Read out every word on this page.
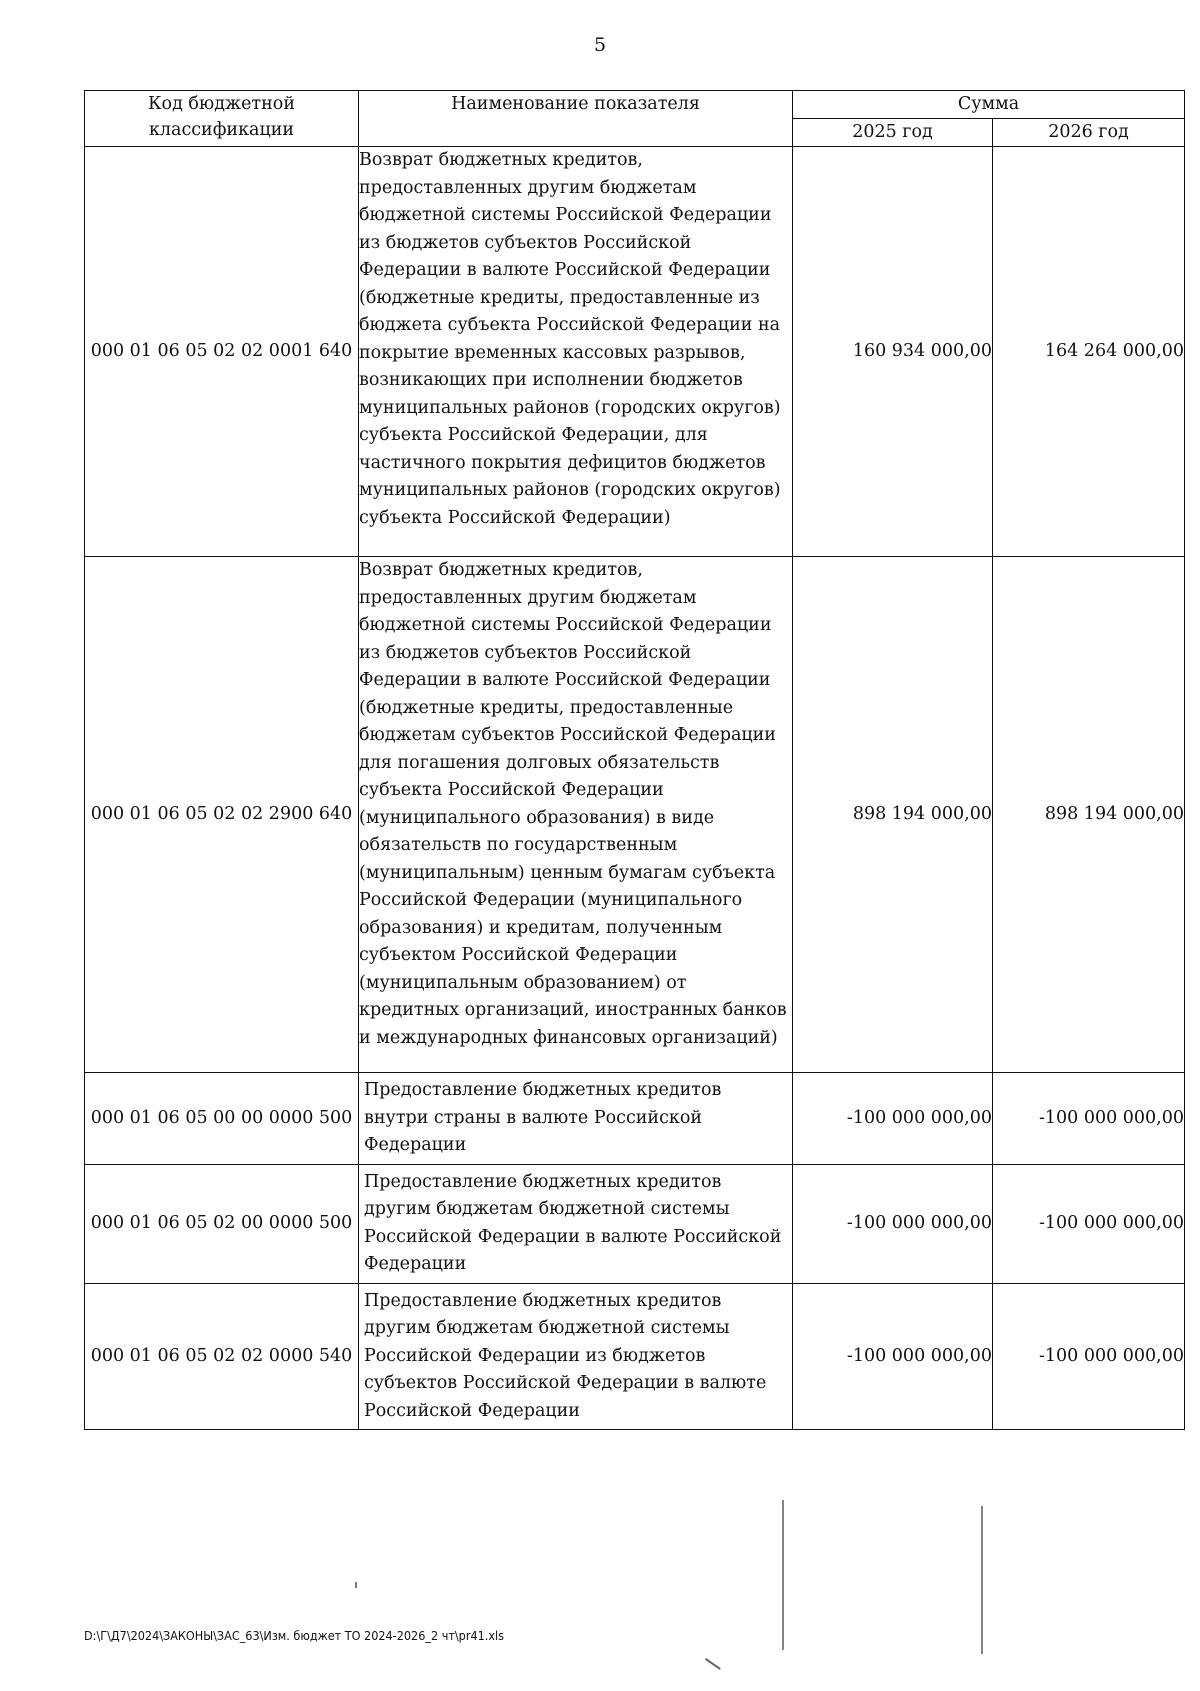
5
Код бюджетной классификации	Наименование показателя	Сумма	
		2025 год	2026 год
000 01 06 05 02 02 0001 640	Возврат бюджетных кредитов, предоставленных другим бюджетам бюджетной системы Российской Федерации из бюджетов субъектов Российской Федерации в валюте Российской Федерации (бюджетные кредиты, предоставленные из бюджета субъекта Российской Федерации на покрытие временных кассовых разрывов, возникающих при исполнении бюджетов муниципальных районов (городских округов) субъекта Российской Федерации, для частичного покрытия дефицитов бюджетов муниципальных районов (городских округов) субъекта Российской Федерации)	160 934 000,00	164 264 000,00
000 01 06 05 02 02 2900 640	Возврат бюджетных кредитов, предоставленных другим бюджетам бюджетной системы Российской Федерации из бюджетов субъектов Российской Федерации в валюте Российской Федерации (бюджетные кредиты, предоставленные бюджетам субъектов Российской Федерации для погашения долговых обязательств субъекта Российской Федерации (муниципального образования) в виде обязательств по государственным (муниципальным) ценным бумагам субъекта Российской Федерации (муниципального образования) и кредитам, полученным субъектом Российской Федерации (муниципальным образованием) от кредитных организаций, иностранных банков и международных финансовых организаций)	898 194 000,00	898 194 000,00
000 01 06 05 00 00 0000 500	Предоставление бюджетных кредитов внутри страны в валюте Российской Федерации	-100 000 000,00	-100 000 000,00
000 01 06 05 02 00 0000 500	Предоставление бюджетных кредитов другим бюджетам бюджетной системы Российской Федерации в валюте Российской Федерации	-100 000 000,00	-100 000 000,00
000 01 06 05 02 02 0000 540	Предоставление бюджетных кредитов другим бюджетам бюджетной системы Российской Федерации из бюджетов субъектов Российской Федерации в валюте Российской Федерации	-100 000 000,00	-100 000 000,00
D:\Г\Д7\2024\ЗАКОНЫ\ЗАС_63\Изм. бюджет ТО 2024-2026_2 чт\pr41.xls
